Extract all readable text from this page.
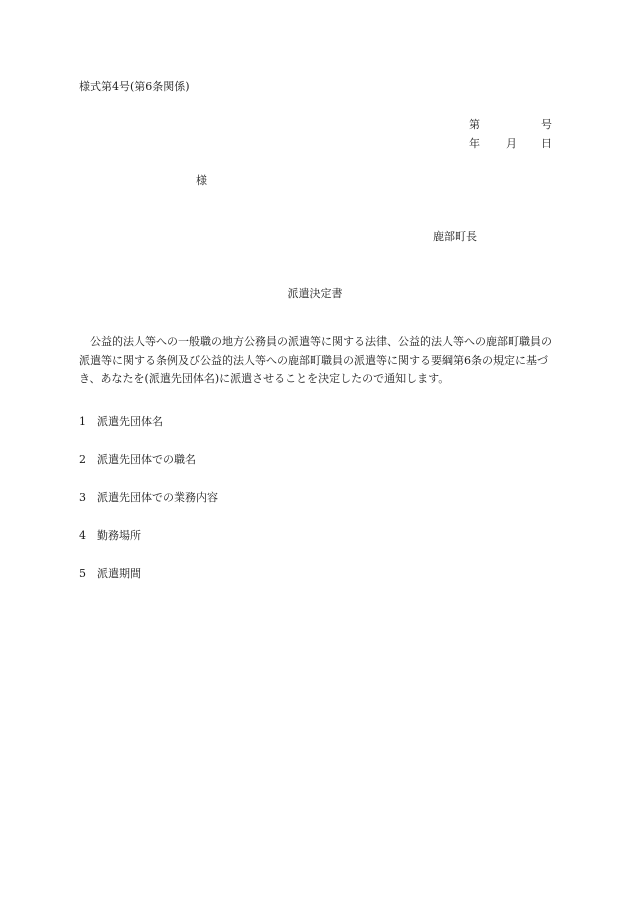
様式第4号(第6条関係)
第	号
年 月 日
様
鹿部町長
派遣決定書

公益的法人等への一般職の地方公務員の派遣等に関する法律、公益的法人等への鹿部町職員の派遣等に関する条例及び公益的法人等への鹿部町職員の派遣等に関する要綱第6条の規定に基づき、あなたを(派遣先団体名)に派遣させることを決定したので通知します。

1	派遣先団体名
2	派遣先団体での職名
3	派遣先団体での業務内容
4	勤務場所
5	派遣期間
